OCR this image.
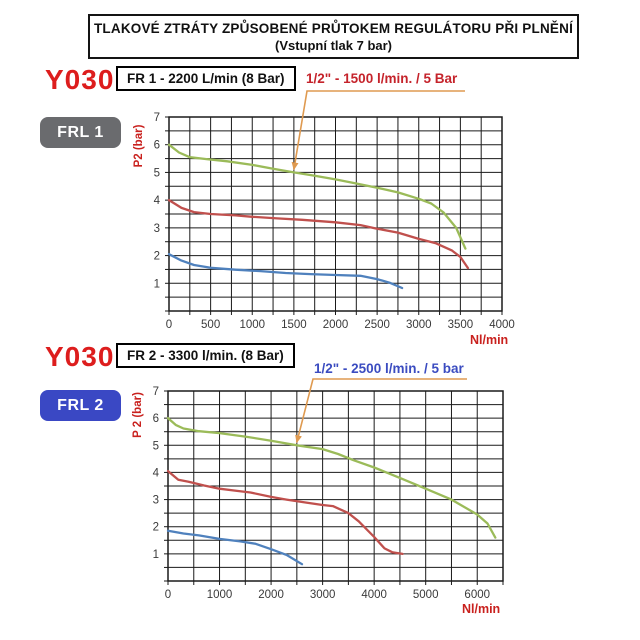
TLAKOVÉ ZTRÁTY ZPŮSOBENÉ PRŮTOKEM REGULÁTORU PŘI PLNĚNÍ
(Vstupní tlak 7 bar)
Y030 FR 1 - 2200 L/min (8 Bar)	1/2" - 1500 l/min. / 5 Bar
FRL 1
0	500 1000 1500 2000 2500 3000 3500 4000
1
2
3
4
5
6
7
P2 (bar)
Nl/min
Y030 FR 2 - 3300 l/min. (8 Bar)
1/2" - 2500 l/min. / 5 bar
FRL 2
0	1000 2000 3000 4000 5000 6000
1
2
3
4
5
6
7
P 2 (bar)
Nl/min
